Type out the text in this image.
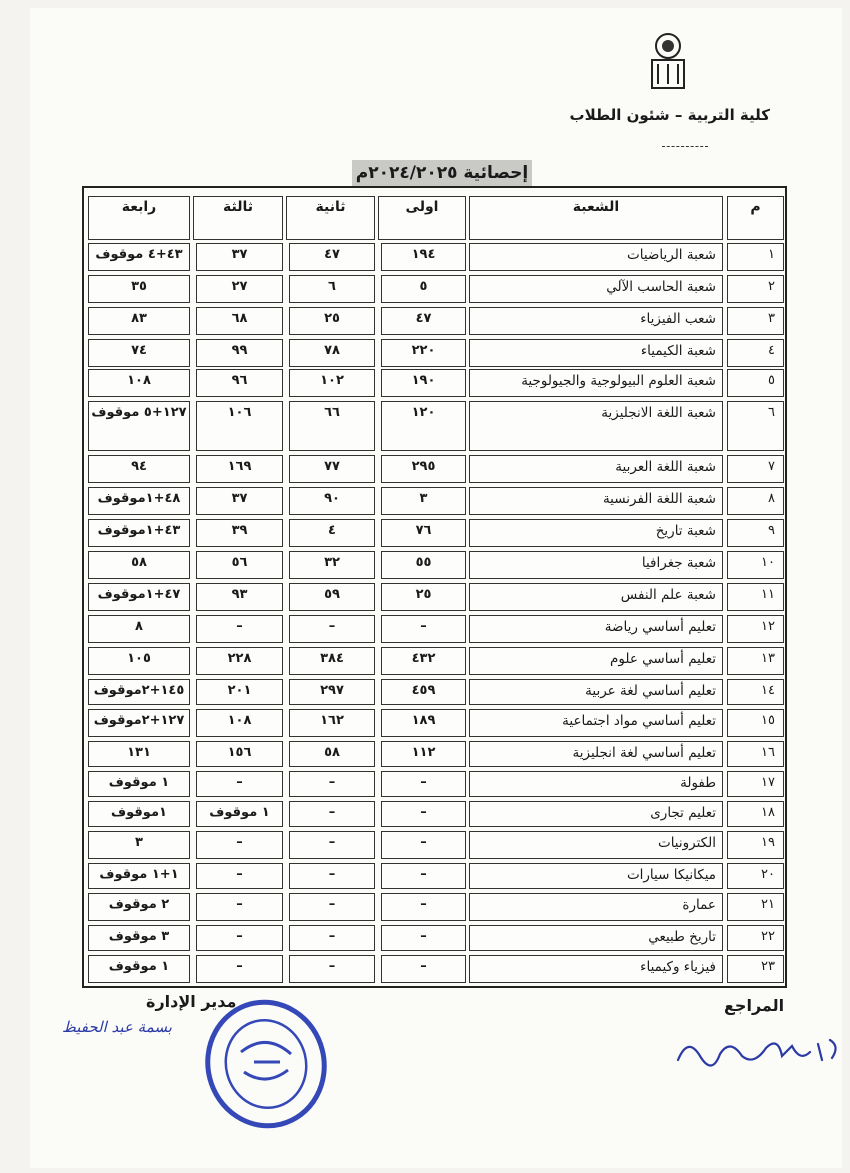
كلية التربية – شئون الطلاب
إحصائية ٢٠٢٤/٢٠٢٥م
م
الشعبة
اولى
ثانية
ثالثة
رابعة
١
شعبة الرياضيات
١٩٤
٤٧
٣٧
٤٣+٤ موقوف
٢
شعبة الحاسب الآلي
٥
٦
٢٧
٣٥
٣
شعب الفيزياء
٤٧
٢٥
٦٨
٨٣
٤
شعبة الكيمياء
٢٢٠
٧٨
٩٩
٧٤
٥
شعبة العلوم البيولوجية والجيولوجية
١٩٠
١٠٢
٩٦
١٠٨
٦
شعبة اللغة الانجليزية
١٢٠
٦٦
١٠٦
١٢٧+٥ موقوف
٧
شعبة اللغة العربية
٢٩٥
٧٧
١٦٩
٩٤
٨
شعبة اللغة الفرنسية
٣
٩٠
٣٧
٤٨+١موقوف
٩
شعبة تاريخ
٧٦
٤
٣٩
٤٣+١موقوف
١٠
شعبة جغرافيا
٥٥
٣٢
٥٦
٥٨
١١
شعبة علم النفس
٢٥
٥٩
٩٣
٤٧+١موقوف
١٢
تعليم أساسي رياضة
–
–
–
٨
١٣
تعليم أساسي علوم
٤٣٢
٣٨٤
٢٢٨
١٠٥
١٤
تعليم أساسي لغة عربية
٤٥٩
٢٩٧
٢٠١
١٤٥+٢موقوف
١٥
تعليم أساسي مواد اجتماعية
١٨٩
١٦٢
١٠٨
١٢٧+٢موقوف
١٦
تعليم أساسي لغة انجليزية
١١٢
٥٨
١٥٦
١٣١
١٧
طفولة
–
–
–
١ موقوف
١٨
تعليم تجارى
–
–
١ موقوف
١موقوف
١٩
الكترونيات
–
–
–
٣
٢٠
ميكانيكا سيارات
–
–
–
١+١ موقوف
٢١
عمارة
–
–
–
٢ موقوف
٢٢
تاريخ طبيعي
–
–
–
٣ موقوف
٢٣
فيزياء وكيمياء
–
–
–
١ موقوف
مدير الإدارة
بسمة عبد الحفيظ
المراجع
